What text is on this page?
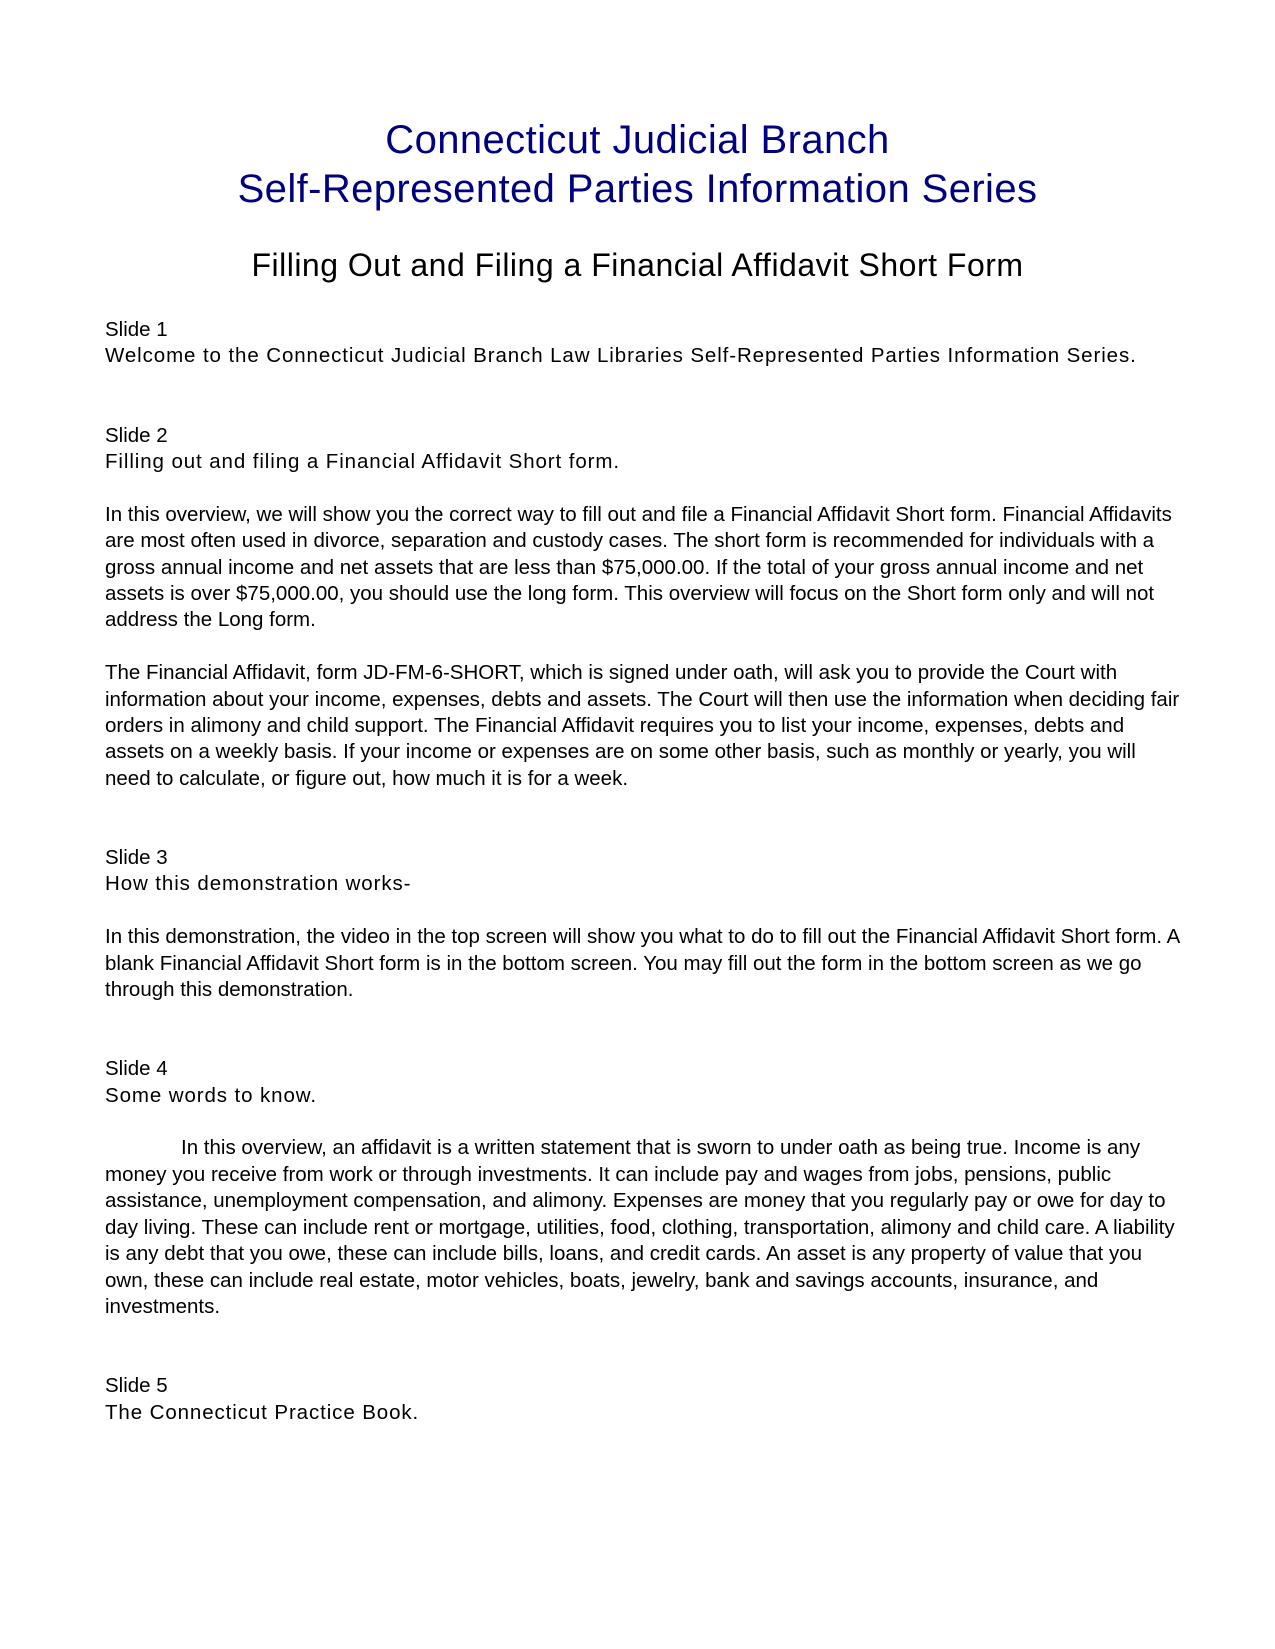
Connecticut Judicial Branch
Self-Represented Parties Information Series
Filling Out and Filing a Financial Affidavit Short Form
Slide 1
Welcome to the Connecticut Judicial Branch Law Libraries Self-Represented Parties Information Series.
Slide 2
Filling out and filing a Financial Affidavit Short form.

In this overview, we will show you the correct way to fill out and file a Financial Affidavit Short form. Financial Affidavits are most often used in divorce, separation and custody cases. The short form is recommended for individuals with a gross annual income and net assets that are less than $75,000.00. If the total of your gross annual income and net assets is over $75,000.00, you should use the long form. This overview will focus on the Short form only and will not address the Long form.

The Financial Affidavit, form JD-FM-6-SHORT, which is signed under oath, will ask you to provide the Court with information about your income, expenses, debts and assets. The Court will then use the information when deciding fair orders in alimony and child support. The Financial Affidavit requires you to list your income, expenses, debts and assets on a weekly basis. If your income or expenses are on some other basis, such as monthly or yearly, you will need to calculate, or figure out, how much it is for a week.

Slide 3
How this demonstration works-

In this demonstration, the video in the top screen will show you what to do to fill out the Financial Affidavit Short form. A blank Financial Affidavit Short form is in the bottom screen. You may fill out the form in the bottom screen as we go through this demonstration.

Slide 4
Some words to know.

In this overview, an affidavit is a written statement that is sworn to under oath as being true. Income is any money you receive from work or through investments. It can include pay and wages from jobs, pensions, public assistance, unemployment compensation, and alimony. Expenses are money that you regularly pay or owe for day to day living. These can include rent or mortgage, utilities, food, clothing, transportation, alimony and child care. A liability is any debt that you owe, these can include bills, loans, and credit cards. An asset is any property of value that you own, these can include real estate, motor vehicles, boats, jewelry, bank and savings accounts, insurance, and investments.

Slide 5
The Connecticut Practice Book.
